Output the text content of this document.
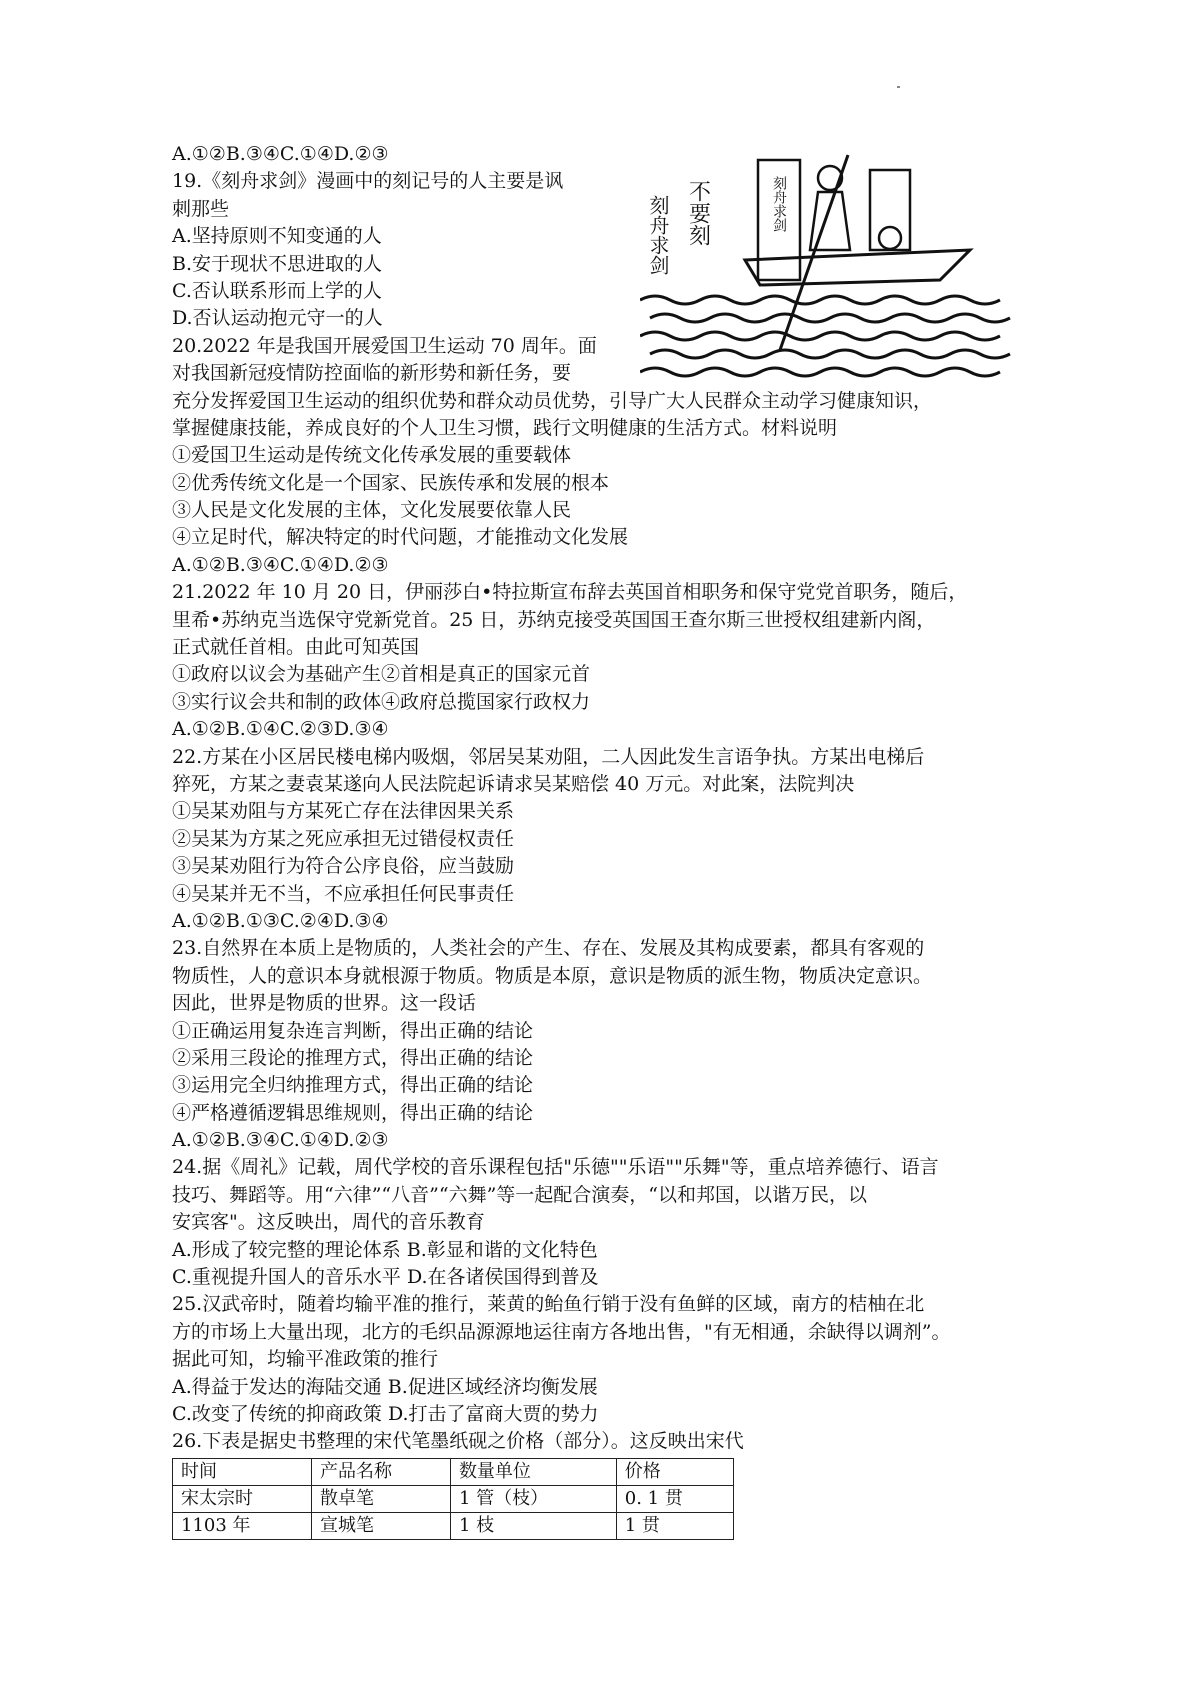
刻舟求剑 不要刻	刻舟求剑
A.①②B.③④C.①④D.②③
19.《刻舟求剑》漫画中的刻记号的人主要是讽
刺那些
A.坚持原则不知变通的人
B.安于现状不思进取的人
C.否认联系形而上学的人
D.否认运动抱元守一的人
20.2022 年是我国开展爱国卫生运动 70 周年。面
对我国新冠疫情防控面临的新形势和新任务，要
充分发挥爱国卫生运动的组织优势和群众动员优势，引导广大人民群众主动学习健康知识，
掌握健康技能，养成良好的个人卫生习惯，践行文明健康的生活方式。材料说明
①爱国卫生运动是传统文化传承发展的重要载体
②优秀传统文化是一个国家、民族传承和发展的根本
③人民是文化发展的主体，文化发展要依靠人民
④立足时代，解决特定的时代问题，才能推动文化发展
A.①②B.③④C.①④D.②③
21.2022 年 10 月 20 日，伊丽莎白•特拉斯宣布辞去英国首相职务和保守党党首职务，随后，
里希•苏纳克当选保守党新党首。25 日，苏纳克接受英国国王查尔斯三世授权组建新内阁，
正式就任首相。由此可知英国
①政府以议会为基础产生②首相是真正的国家元首
③实行议会共和制的政体④政府总揽国家行政权力
A.①②B.①④C.②③D.③④
22.方某在小区居民楼电梯内吸烟，邻居吴某劝阻，二人因此发生言语争执。方某出电梯后
猝死，方某之妻袁某遂向人民法院起诉请求吴某赔偿 40 万元。对此案，法院判决
①吴某劝阻与方某死亡存在法律因果关系
②吴某为方某之死应承担无过错侵权责任
③吴某劝阻行为符合公序良俗，应当鼓励
④吴某并无不当，不应承担任何民事责任
A.①②B.①③C.②④D.③④
23.自然界在本质上是物质的，人类社会的产生、存在、发展及其构成要素，都具有客观的
物质性，人的意识本身就根源于物质。物质是本原，意识是物质的派生物，物质决定意识。
因此，世界是物质的世界。这一段话
①正确运用复杂连言判断，得出正确的结论
②采用三段论的推理方式，得出正确的结论
③运用完全归纳推理方式，得出正确的结论
④严格遵循逻辑思维规则，得出正确的结论
A.①②B.③④C.①④D.②③
24.据《周礼》记载，周代学校的音乐课程包括"乐德""乐语""乐舞"等，重点培养德行、语言
技巧、舞蹈等。用“六律”“八音”“六舞”等一起配合演奏，“以和邦国，以谐万民，以
安宾客"。这反映出，周代的音乐教育
A.形成了较完整的理论体系 B.彰显和谐的文化特色
C.重视提升国人的音乐水平 D.在各诸侯国得到普及
25.汉武帝时，随着均输平准的推行，莱黄的鲐鱼行销于没有鱼鲜的区域，南方的桔柚在北
方的市场上大量出现，北方的毛织品源源地运往南方各地出售，"有无相通，余缺得以调剂”。
据此可知，均输平准政策的推行
A.得益于发达的海陆交通 B.促进区域经济均衡发展
C.改变了传统的抑商政策 D.打击了富商大贾的势力
26.下表是据史书整理的宋代笔墨纸砚之价格（部分）。这反映出宋代
时间	产品名称	数量单位	价格
宋太宗时	散卓笔	1 管（枝）	0. 1 贯
1103 年	宣城笔	1 枝	1 贯
